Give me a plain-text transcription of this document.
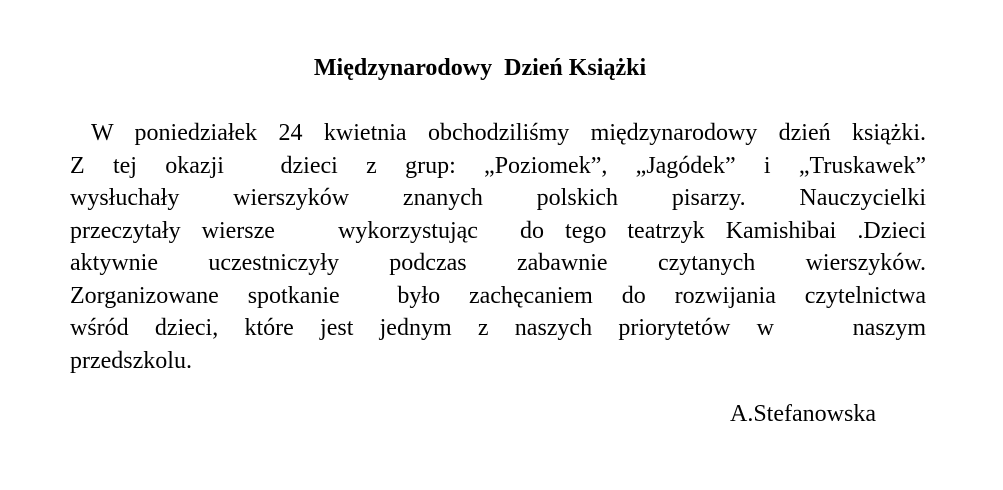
Międzynarodowy  Dzień Książki
W poniedziałek 24 kwietnia obchodziliśmy międzynarodowy dzień książki.
Z tej okazji  dzieci z grup: „Poziomek”, „Jagódek” i „Truskawek”
wysłuchały wierszyków znanych polskich pisarzy. Nauczycielki
przeczytały wiersze   wykorzystując  do tego teatrzyk Kamishibai .Dzieci
aktywnie uczestniczyły podczas zabawnie czytanych wierszyków.
Zorganizowane spotkanie  było zachęcaniem do rozwijania czytelnictwa
wśród dzieci, które jest jednym z naszych priorytetów w   naszym
przedszkolu.

A.Stefanowska
